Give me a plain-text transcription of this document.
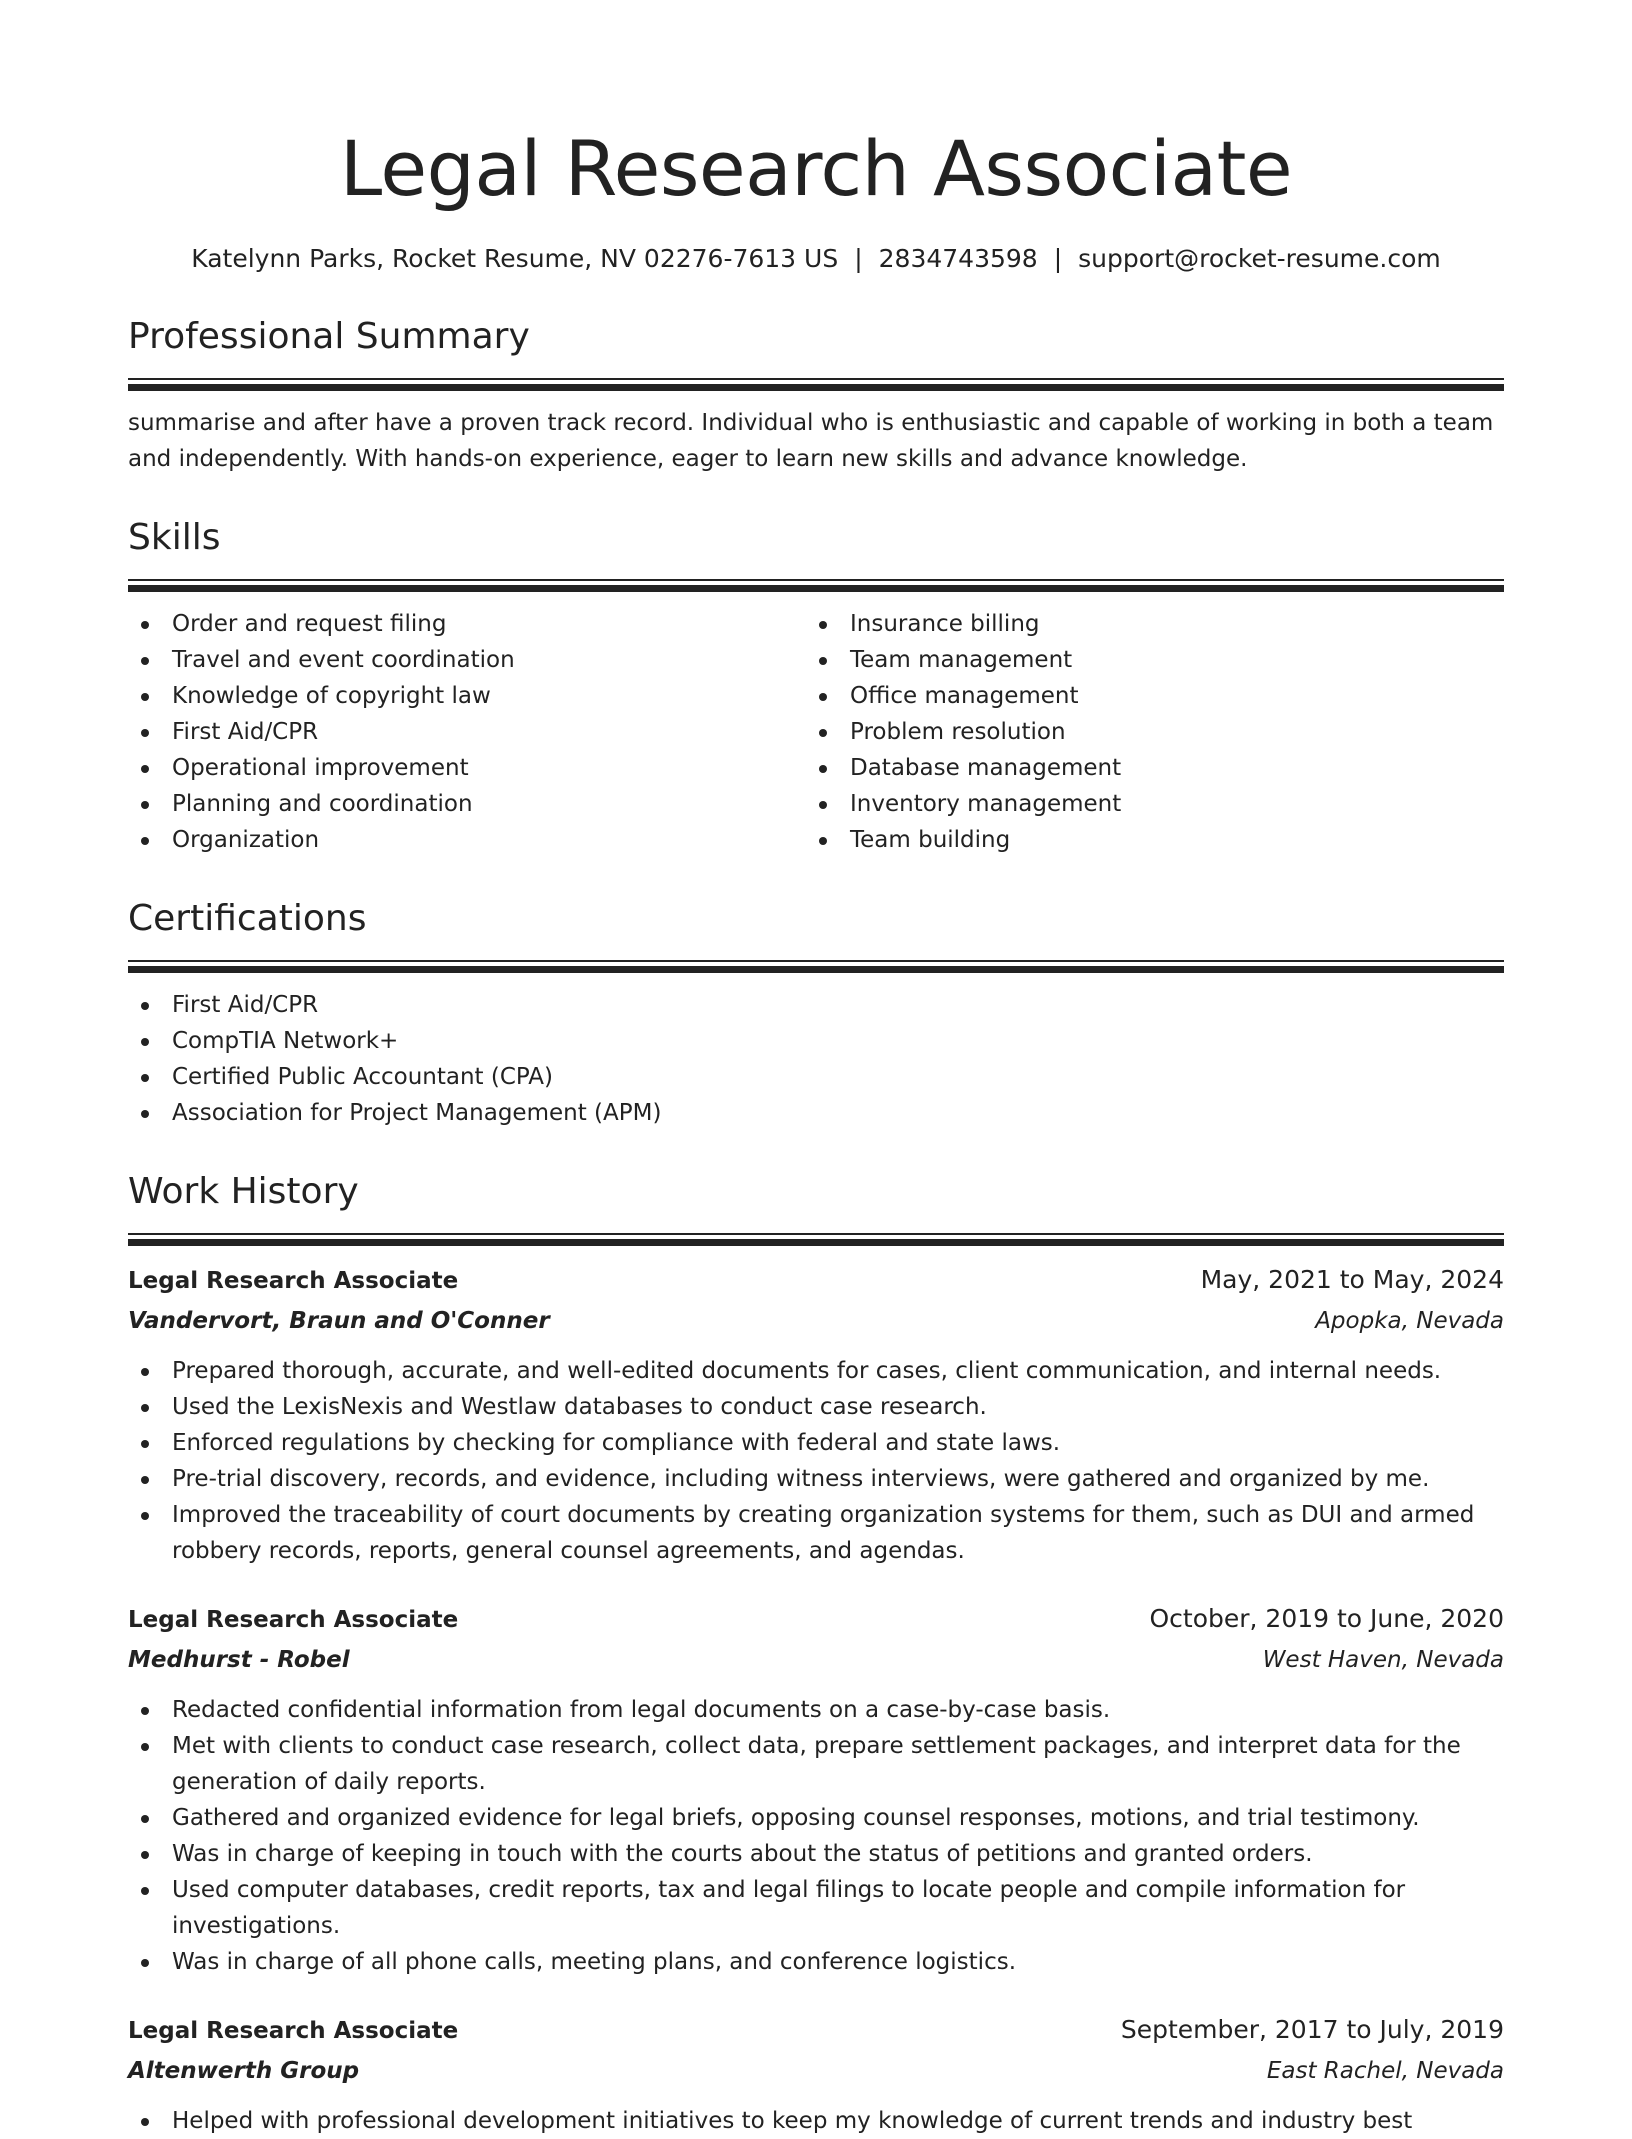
Legal Research Associate
Katelynn Parks, Rocket Resume, NV 02276-7613 US | 2834743598 | support@rocket-resume.com
Professional Summary

summarise and after have a proven track record. Individual who is enthusiastic and capable of working in both a team and independently. With hands-on experience, eager to learn new skills and advance knowledge.

Skills
Order and request filing
Travel and event coordination
Knowledge of copyright law
First Aid/CPR
Operational improvement
Planning and coordination
Organization
Insurance billing
Team management
Office management
Problem resolution
Database management
Inventory management
Team building
Certifications
First Aid/CPR
CompTIA Network+
Certified Public Accountant (CPA)
Association for Project Management (APM)
Work History
Legal Research Associate	May, 2021 to May, 2024
Vandervort, Braun and O'Conner	Apopka, Nevada
Prepared thorough, accurate, and well-edited documents for cases, client communication, and internal needs.
Used the LexisNexis and Westlaw databases to conduct case research.
Enforced regulations by checking for compliance with federal and state laws.
Pre-trial discovery, records, and evidence, including witness interviews, were gathered and organized by me.
Improved the traceability of court documents by creating organization systems for them, such as DUI and armed robbery records, reports, general counsel agreements, and agendas.
Legal Research Associate	October, 2019 to June, 2020
Medhurst - Robel	West Haven, Nevada
Redacted confidential information from legal documents on a case-by-case basis.
Met with clients to conduct case research, collect data, prepare settlement packages, and interpret data for the generation of daily reports.
Gathered and organized evidence for legal briefs, opposing counsel responses, motions, and trial testimony.
Was in charge of keeping in touch with the courts about the status of petitions and granted orders.
Used computer databases, credit reports, tax and legal filings to locate people and compile information for investigations.
Was in charge of all phone calls, meeting plans, and conference logistics.
Legal Research Associate	September, 2017 to July, 2019
Altenwerth Group	East Rachel, Nevada
Helped with professional development initiatives to keep my knowledge of current trends and industry best
